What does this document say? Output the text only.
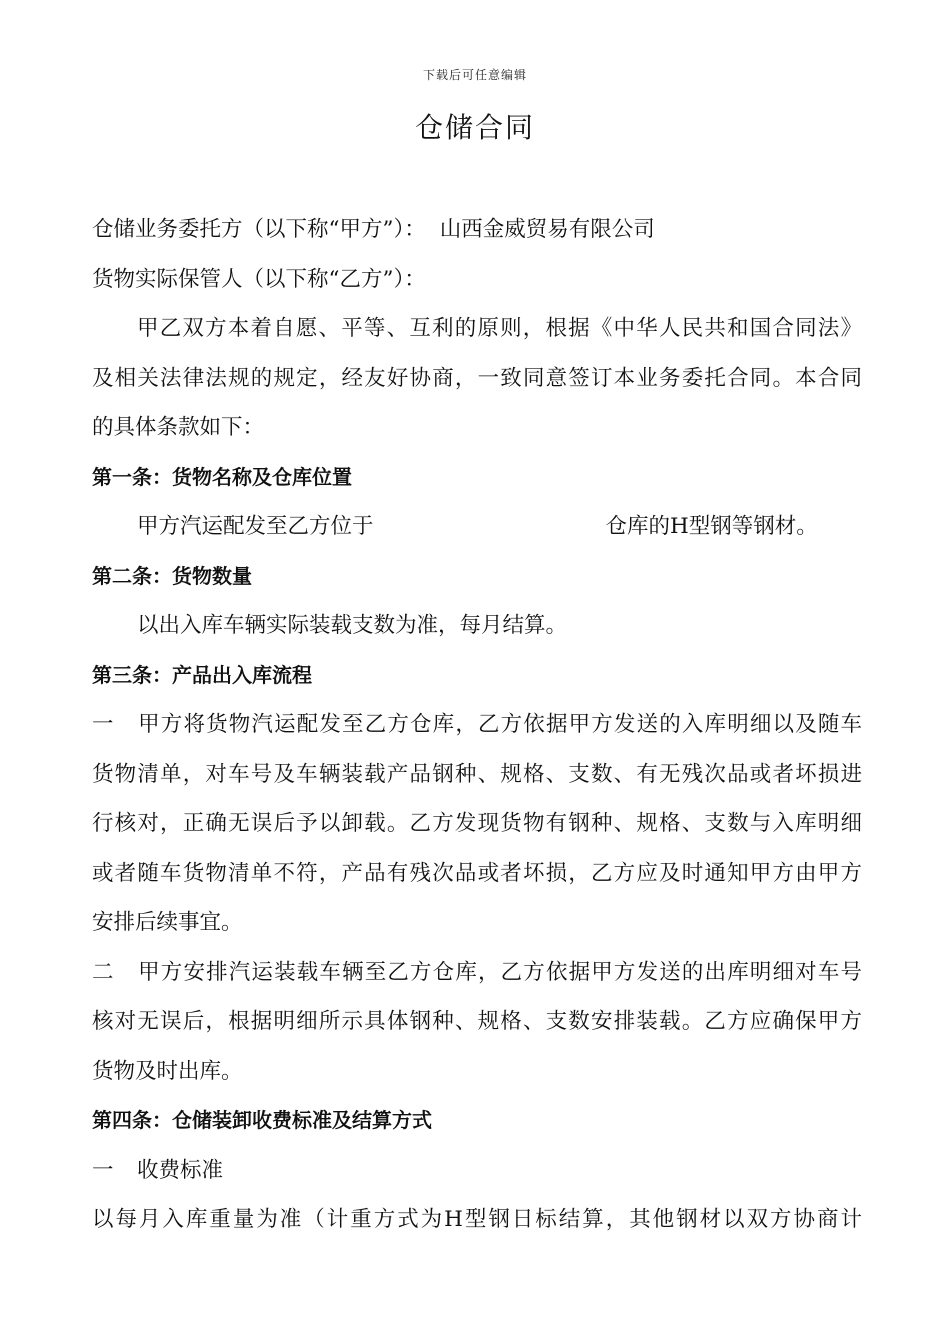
下载后可任意编辑
仓储合同
仓储业务委托方（以下称“甲方”）： 山西金威贸易有限公司
货物实际保管人（以下称“乙方”）：
甲乙双方本着自愿、平等、互利的原则，根据《中华人民共和国合同法》
及相关法律法规的规定，经友好协商，一致同意签订本业务委托合同。本合同
的具体条款如下：
第一条：货物名称及仓库位置
甲方汽运配发至乙方位于	仓库的H型钢等钢材。
第二条：货物数量
以出入库车辆实际装载支数为准，每月结算。
第三条：产品出入库流程
一 甲方将货物汽运配发至乙方仓库，乙方依据甲方发送的入库明细以及随车
货物清单，对车号及车辆装载产品钢种、规格、支数、有无残次品或者坏损进
行核对，正确无误后予以卸载。乙方发现货物有钢种、规格、支数与入库明细
或者随车货物清单不符，产品有残次品或者坏损，乙方应及时通知甲方由甲方
安排后续事宜。
二 甲方安排汽运装载车辆至乙方仓库，乙方依据甲方发送的出库明细对车号
核对无误后，根据明细所示具体钢种、规格、支数安排装载。乙方应确保甲方
货物及时出库。
第四条：仓储装卸收费标准及结算方式
一 收费标准
以每月入库重量为准（计重方式为H型钢日标结算，其他钢材以双方协商计
